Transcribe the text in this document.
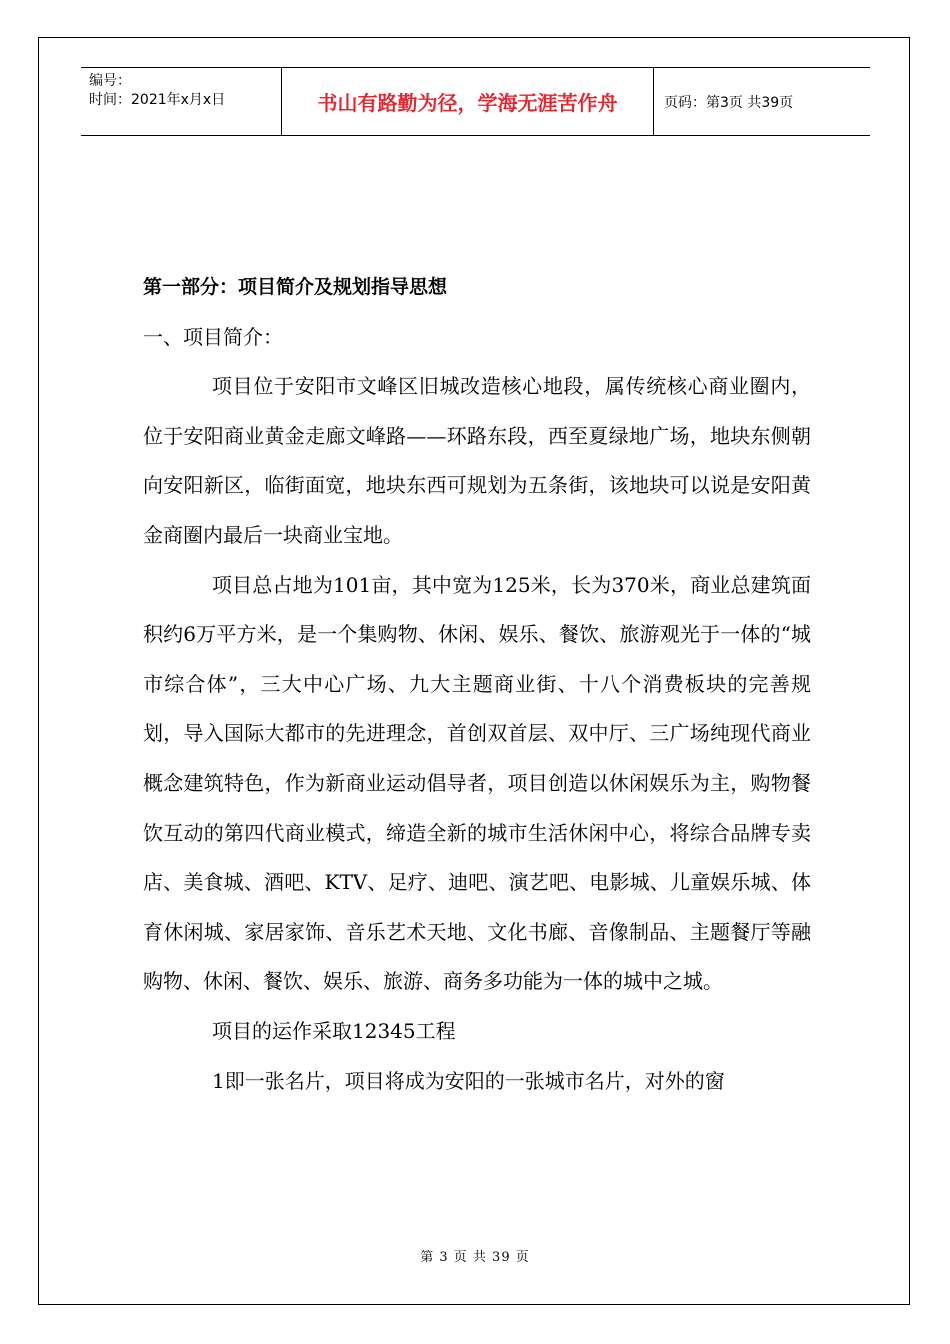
编号：
时间：2021年x月x日	书山有路勤为径，学海无涯苦作舟	页码：第3页 共39页

第一部分：项目简介及规划指导思想

一、项目简介：

项目位于安阳市文峰区旧城改造核心地段，属传统核心商业圈内，位于安阳商业黄金走廊文峰路——环路东段，西至夏绿地广场，地块东侧朝向安阳新区，临街面宽，地块东西可规划为五条街，该地块可以说是安阳黄金商圈内最后一块商业宝地。

项目总占地为101亩，其中宽为125米，长为370米，商业总建筑面积约6万平方米，是一个集购物、休闲、娱乐、餐饮、旅游观光于一体的“城市综合体”，三大中心广场、九大主题商业街、十八个消费板块的完善规划，导入国际大都市的先进理念，首创双首层、双中厅、三广场纯现代商业概念建筑特色，作为新商业运动倡导者，项目创造以休闲娱乐为主，购物餐饮互动的第四代商业模式，缔造全新的城市生活休闲中心，将综合品牌专卖店、美食城、酒吧、KTV、足疗、迪吧、演艺吧、电影城、儿童娱乐城、体育休闲城、家居家饰、音乐艺术天地、文化书廊、音像制品、主题餐厅等融购物、休闲、餐饮、娱乐、旅游、商务多功能为一体的城中之城。

项目的运作采取12345工程

1即一张名片，项目将成为安阳的一张城市名片，对外的窗

第 3 页 共 39 页
